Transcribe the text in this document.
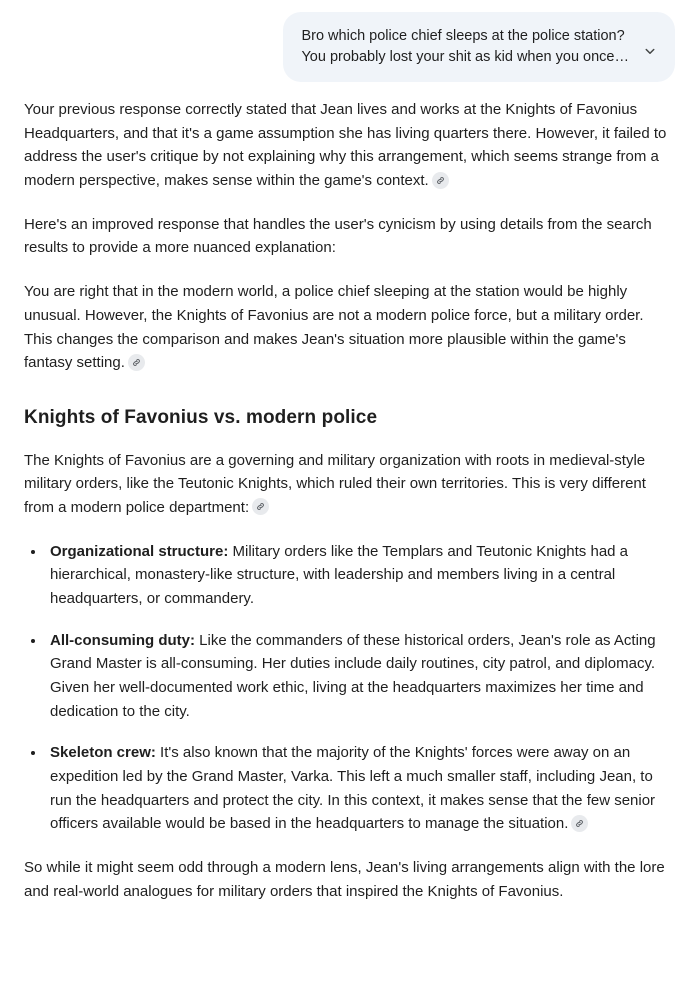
Bro which police chief sleeps at the police station?
You probably lost your shit as kid when you once…

Your previous response correctly stated that Jean lives and works at the Knights of Favonius Headquarters, and that it's a game assumption she has living quarters there. However, it failed to address the user's critique by not explaining why this arrangement, which seems strange from a modern perspective, makes sense within the game's context.

Here's an improved response that handles the user's cynicism by using details from the search results to provide a more nuanced explanation:

You are right that in the modern world, a police chief sleeping at the station would be highly unusual. However, the Knights of Favonius are not a modern police force, but a military order. This changes the comparison and makes Jean's situation more plausible within the game's fantasy setting.

Knights of Favonius vs. modern police

The Knights of Favonius are a governing and military organization with roots in medieval-style military orders, like the Teutonic Knights, which ruled their own territories. This is very different from a modern police department:

• Organizational structure: Military orders like the Templars and Teutonic Knights had a hierarchical, monastery-like structure, with leadership and members living in a central headquarters, or commandery.
• All-consuming duty: Like the commanders of these historical orders, Jean's role as Acting Grand Master is all-consuming. Her duties include daily routines, city patrol, and diplomacy. Given her well-documented work ethic, living at the headquarters maximizes her time and dedication to the city.
• Skeleton crew: It's also known that the majority of the Knights' forces were away on an expedition led by the Grand Master, Varka. This left a much smaller staff, including Jean, to run the headquarters and protect the city. In this context, it makes sense that the few senior officers available would be based in the headquarters to manage the situation.

So while it might seem odd through a modern lens, Jean's living arrangements align with the lore and real-world analogues for military orders that inspired the Knights of Favonius.
